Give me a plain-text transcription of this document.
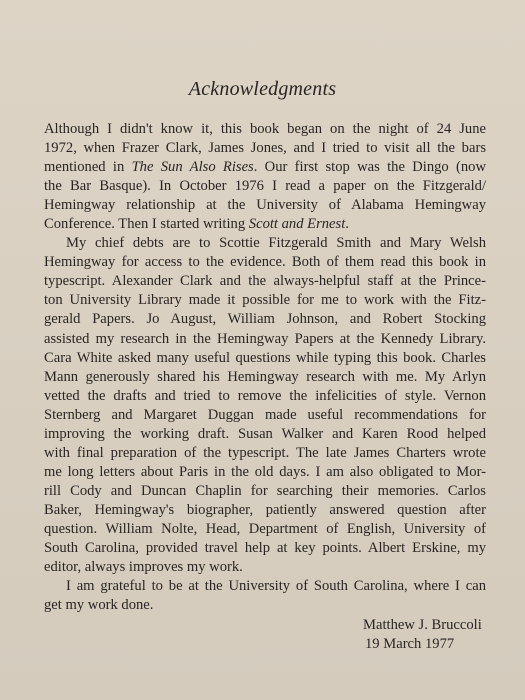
Acknowledgments
Although I didn't know it, this book began on the night of 24 June
1972, when Frazer Clark, James Jones, and I tried to visit all the bars
mentioned in The Sun Also Rises. Our first stop was the Dingo (now
the Bar Basque). In October 1976 I read a paper on the Fitzgerald/
Hemingway relationship at the University of Alabama Hemingway
Conference. Then I started writing Scott and Ernest.
My chief debts are to Scottie Fitzgerald Smith and Mary Welsh
Hemingway for access to the evidence. Both of them read this book in
typescript. Alexander Clark and the always-helpful staff at the Prince-
ton University Library made it possible for me to work with the Fitz-
gerald Papers. Jo August, William Johnson, and Robert Stocking
assisted my research in the Hemingway Papers at the Kennedy Library.
Cara White asked many useful questions while typing this book. Charles
Mann generously shared his Hemingway research with me. My Arlyn
vetted the drafts and tried to remove the infelicities of style. Vernon
Sternberg and Margaret Duggan made useful recommendations for
improving the working draft. Susan Walker and Karen Rood helped
with final preparation of the typescript. The late James Charters wrote
me long letters about Paris in the old days. I am also obligated to Mor-
rill Cody and Duncan Chaplin for searching their memories. Carlos
Baker, Hemingway's biographer, patiently answered question after
question. William Nolte, Head, Department of English, University of
South Carolina, provided travel help at key points. Albert Erskine, my
editor, always improves my work.
I am grateful to be at the University of South Carolina, where I can
get my work done.
Matthew J. Bruccoli
19 March 1977
